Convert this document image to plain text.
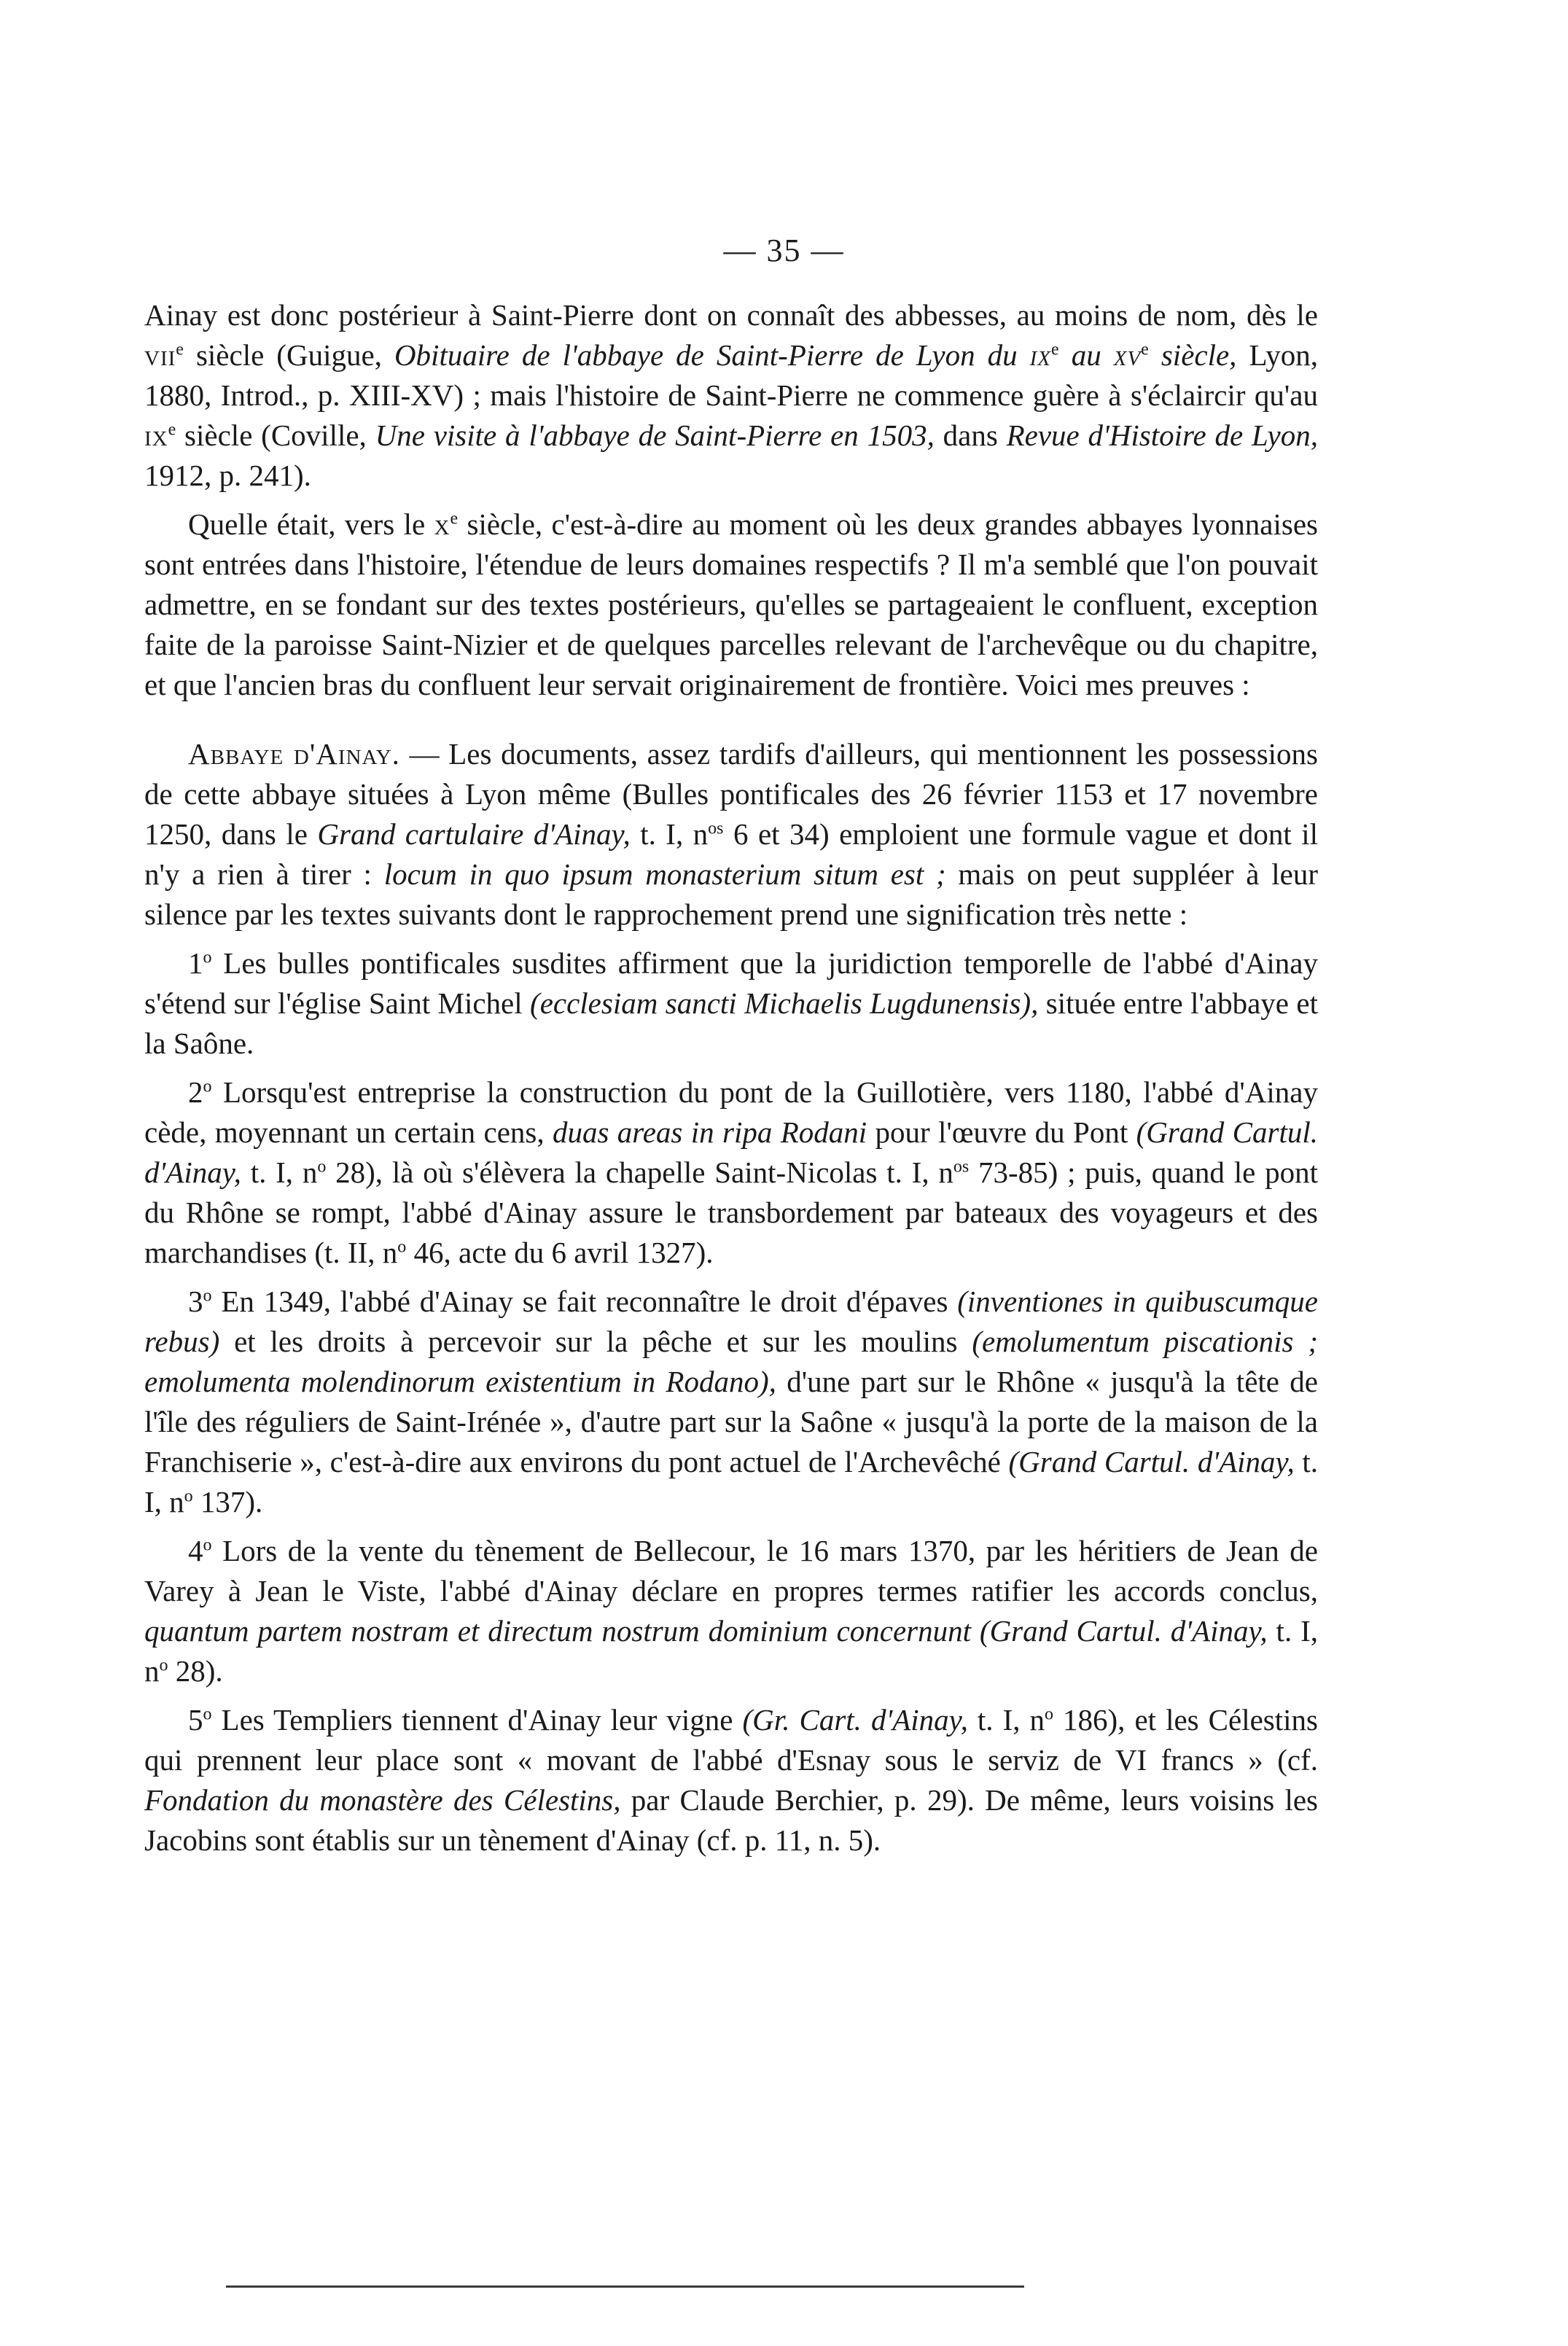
— 35 —

Ainay est donc postérieur à Saint-Pierre dont on connaît des abbesses, au moins de nom, dès le vii$^e$ siècle (Guigue, Obituaire de l'abbaye de Saint-Pierre de Lyon du $ix^e$ au $xv^e$ siècle, Lyon, 1880, Introd., p. XIII-XV) ; mais l'histoire de Saint-Pierre ne commence guère à s'éclaircir qu'au $ix^e$ siècle (Coville, Une visite à l'abbaye de Saint-Pierre en 1503, dans Revue d'Histoire de Lyon, 1912, p. 241).

Quelle était, vers le $x^e$ siècle, c'est-à-dire au moment où les deux grandes abbayes lyonnaises sont entrées dans l'histoire, l'étendue de leurs domaines respectifs ? Il m'a semblé que l'on pouvait admettre, en se fondant sur des textes postérieurs, qu'elles se partageaient le confluent, exception faite de la paroisse Saint-Nizier et de quelques parcelles relevant de l'archevêque ou du chapitre, et que l'ancien bras du confluent leur servait originairement de frontière. Voici mes preuves :

Abbaye d'Ainay. — Les documents, assez tardifs d'ailleurs, qui mentionnent les possessions de cette abbaye situées à Lyon même (Bulles pontificales des 26 février 1153 et 17 novembre 1250, dans le Grand cartulaire d'Ainay, t. I, $n^{os}$ 6 et 34) emploient une formule vague et dont il n'y a rien à tirer : locum in quo ipsum monasterium situm est ; mais on peut suppléer à leur silence par les textes suivants dont le rapprochement prend une signification très nette :

1$^o$ Les bulles pontificales susdites affirment que la juridiction temporelle de l'abbé d'Ainay s'étend sur l'église Saint Michel (ecclesiam sancti Michaelis Lugdunensis), située entre l'abbaye et la Saône.

2$^o$ Lorsqu'est entreprise la construction du pont de la Guillotière, vers 1180, l'abbé d'Ainay cède, moyennant un certain cens, duas areas in ripa Rodani pour l'œuvre du Pont (Grand Cartul. d'Ainay, t. I, $n^o$ 28), là où s'élèvera la chapelle Saint-Nicolas t. I, $n^{os}$ 73-85) ; puis, quand le pont du Rhône se rompt, l'abbé d'Ainay assure le transbordement par bateaux des voyageurs et des marchandises (t. II, $n^o$ 46, acte du 6 avril 1327).

3$^o$ En 1349, l'abbé d'Ainay se fait reconnaître le droit d'épaves (inventiones in quibuscumque rebus) et les droits à percevoir sur la pêche et sur les moulins (emolumentum piscationis ; emolumenta molendinorum existentium in Rodano), d'une part sur le Rhône « jusqu'à la tête de l'île des réguliers de Saint-Irénée », d'autre part sur la Saône « jusqu'à la porte de la maison de la Franchiserie », c'est-à-dire aux environs du pont actuel de l'Archevêché (Grand Cartul. d'Ainay, t. I, $n^o$ 137).

4$^o$ Lors de la vente du tènement de Bellecour, le 16 mars 1370, par les héritiers de Jean de Varey à Jean le Viste, l'abbé d'Ainay déclare en propres termes ratifier les accords conclus, quantum partem nostram et directum nostrum dominium concernunt (Grand Cartul. d'Ainay, t. I, $n^o$ 28).

5$^o$ Les Templiers tiennent d'Ainay leur vigne (Gr. Cart. d'Ainay, t. I, $n^o$ 186), et les Célestins qui prennent leur place sont « movant de l'abbé d'Esnay sous le serviz de VI francs » (cf. Fondation du monastère des Célestins, par Claude Berchier, p. 29). De même, leurs voisins les Jacobins sont établis sur un tènement d'Ainay (cf. p. 11, n. 5).
